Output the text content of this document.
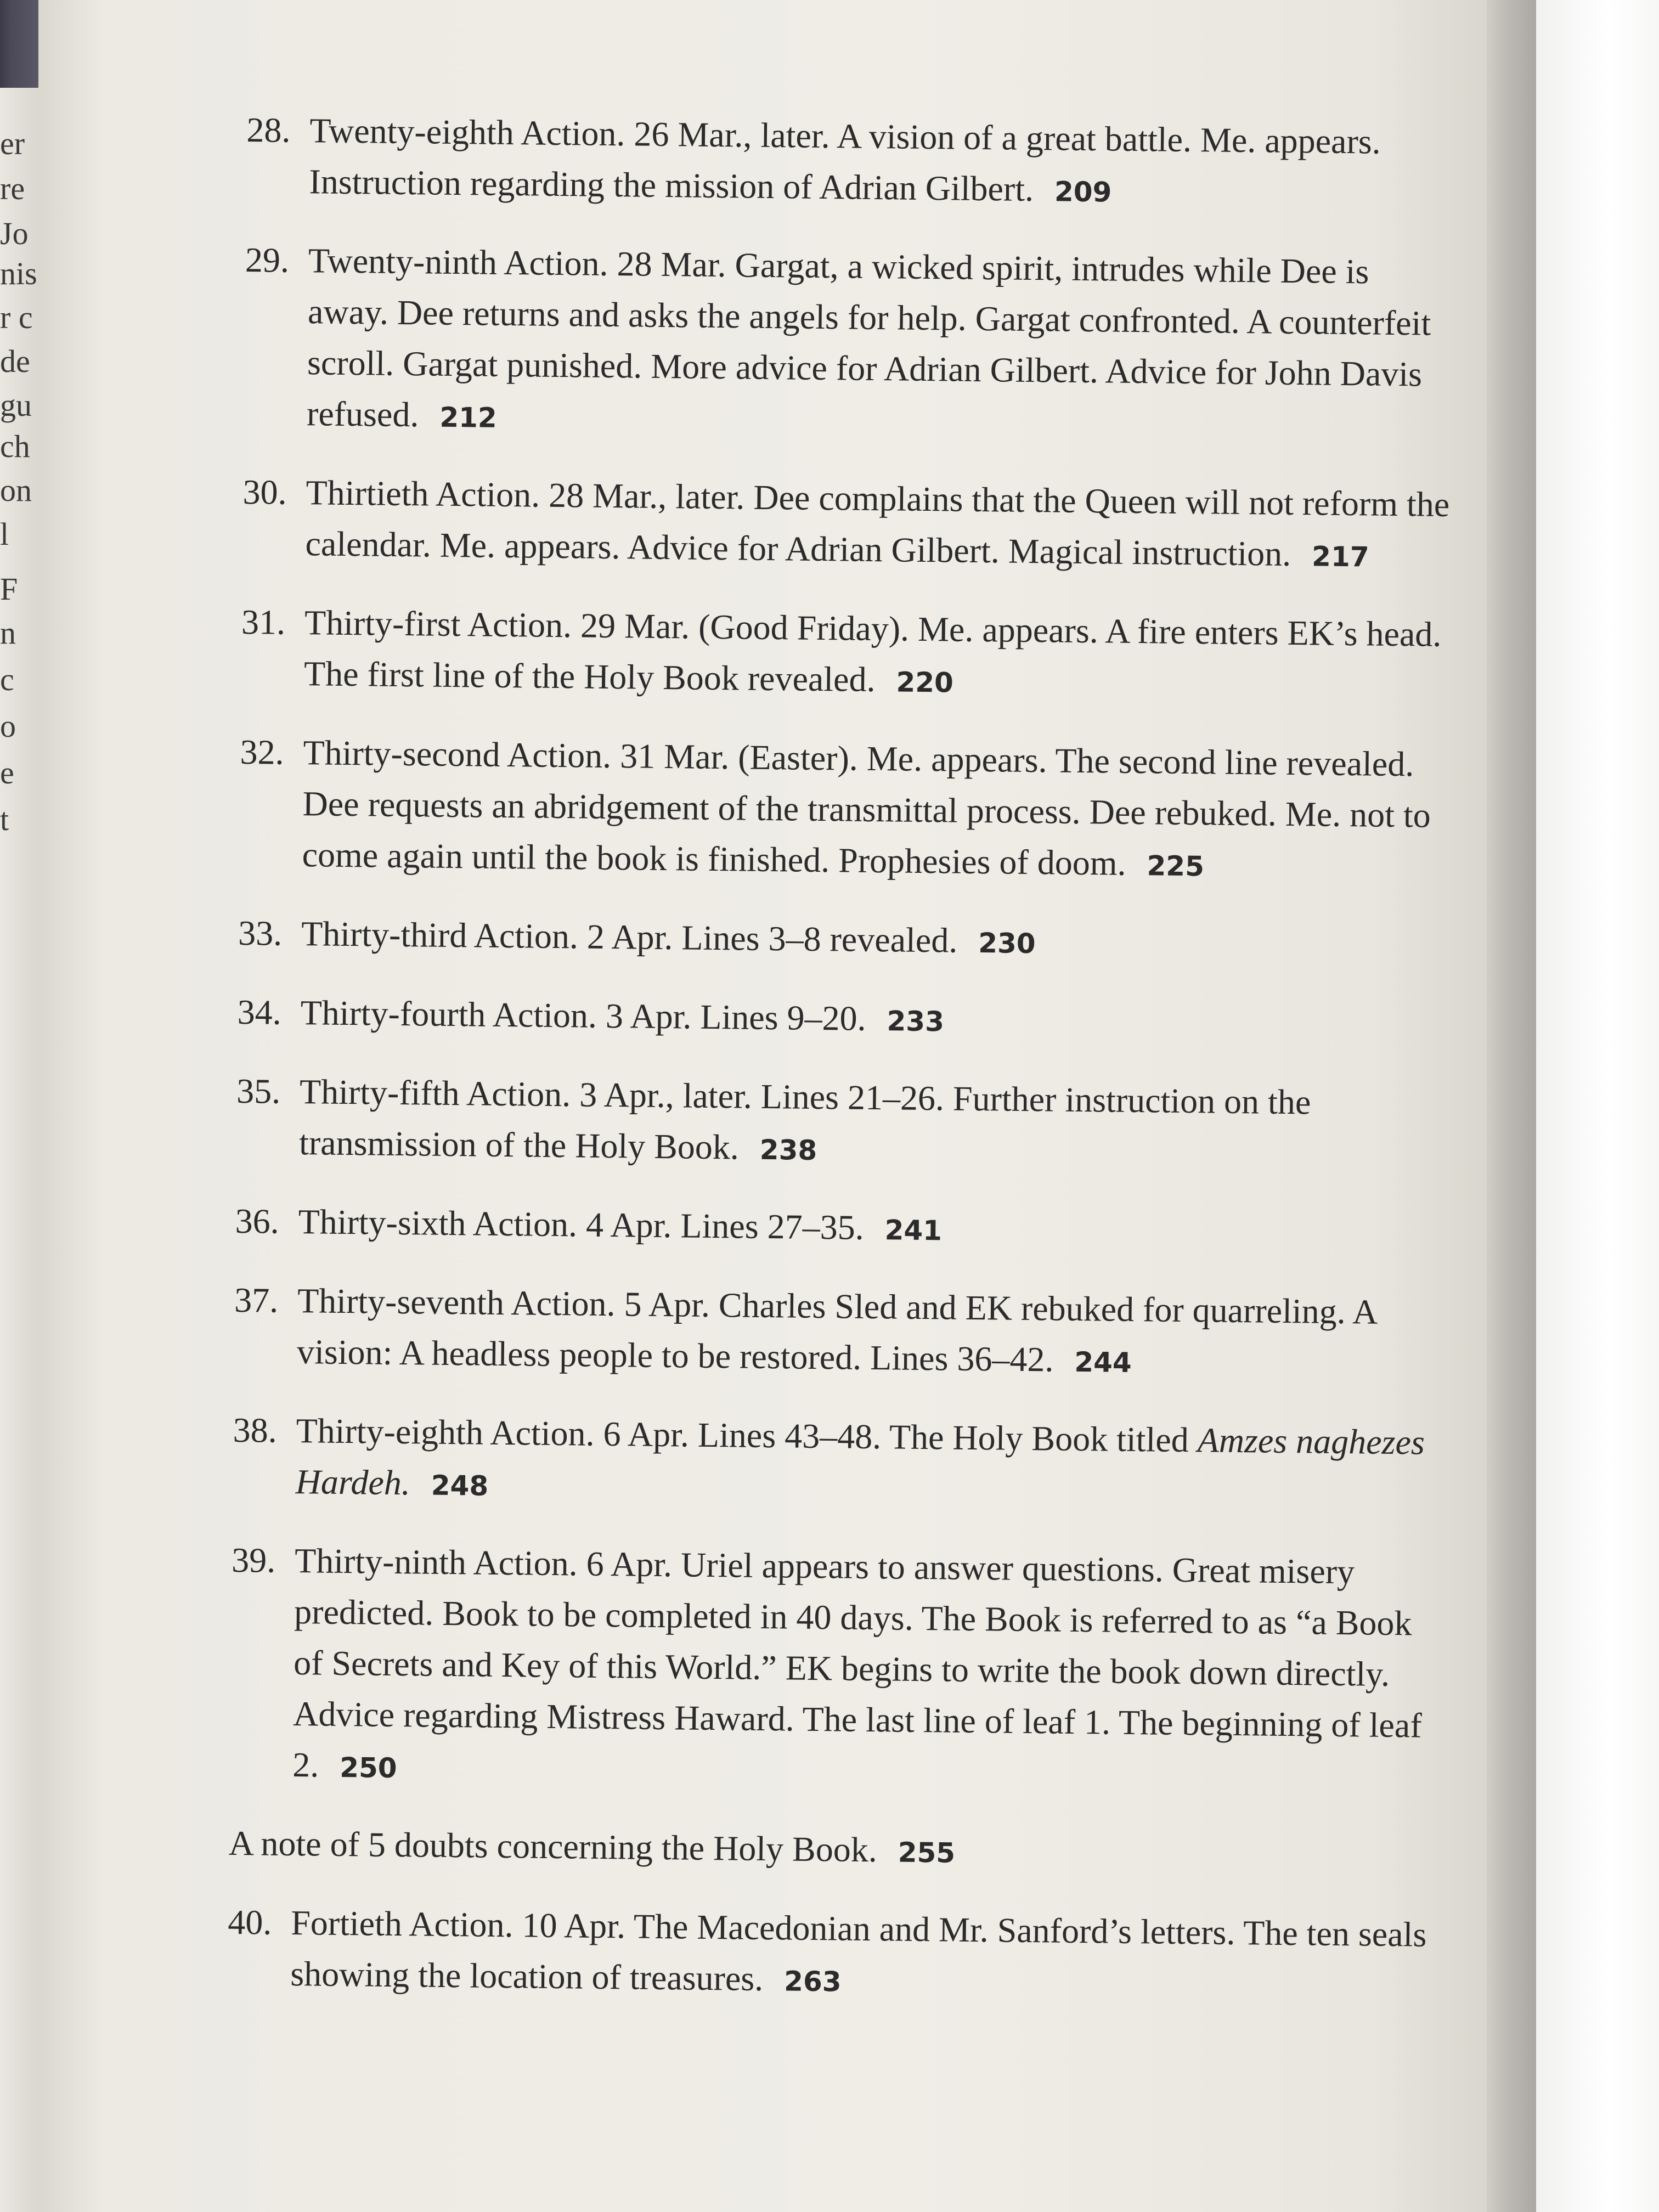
er
re
Jo
nis
r c
de
gu
ch
on
l
F
n
c
o
e
t
28. Twenty-eighth Action. 26 Mar., later. A vision of a great battle. Me. appears. Instruction regarding the mission of Adrian Gilbert. 209
29. Twenty-ninth Action. 28 Mar. Gargat, a wicked spirit, intrudes while Dee is away. Dee returns and asks the angels for help. Gargat confronted. A counterfeit scroll. Gargat punished. More advice for Adrian Gilbert. Advice for John Davis refused. 212
30. Thirtieth Action. 28 Mar., later. Dee complains that the Queen will not reform the calendar. Me. appears. Advice for Adrian Gilbert. Magical instruction. 217
31. Thirty-first Action. 29 Mar. (Good Friday). Me. appears. A fire enters EK’s head. The first line of the Holy Book revealed. 220
32. Thirty-second Action. 31 Mar. (Easter). Me. appears. The second line revealed. Dee requests an abridgement of the transmittal process. Dee rebuked. Me. not to come again until the book is finished. Prophesies of doom. 225
33. Thirty-third Action. 2 Apr. Lines 3–8 revealed. 230
34. Thirty-fourth Action. 3 Apr. Lines 9–20. 233
35. Thirty-fifth Action. 3 Apr., later. Lines 21–26. Further instruction on the transmission of the Holy Book. 238
36. Thirty-sixth Action. 4 Apr. Lines 27–35. 241
37. Thirty-seventh Action. 5 Apr. Charles Sled and EK rebuked for quarreling. A vision: A headless people to be restored. Lines 36–42. 244
38. Thirty-eighth Action. 6 Apr. Lines 43–48. The Holy Book titled Amzes naghezes Hardeh. 248
39. Thirty-ninth Action. 6 Apr. Uriel appears to answer questions. Great misery predicted. Book to be completed in 40 days. The Book is referred to as “a Book of Secrets and Key of this World.” EK begins to write the book down directly. Advice regarding Mistress Haward. The last line of leaf 1. The beginning of leaf 2. 250
A note of 5 doubts concerning the Holy Book. 255
40. Fortieth Action. 10 Apr. The Macedonian and Mr. Sanford’s letters. The ten seals showing the location of treasures. 263
